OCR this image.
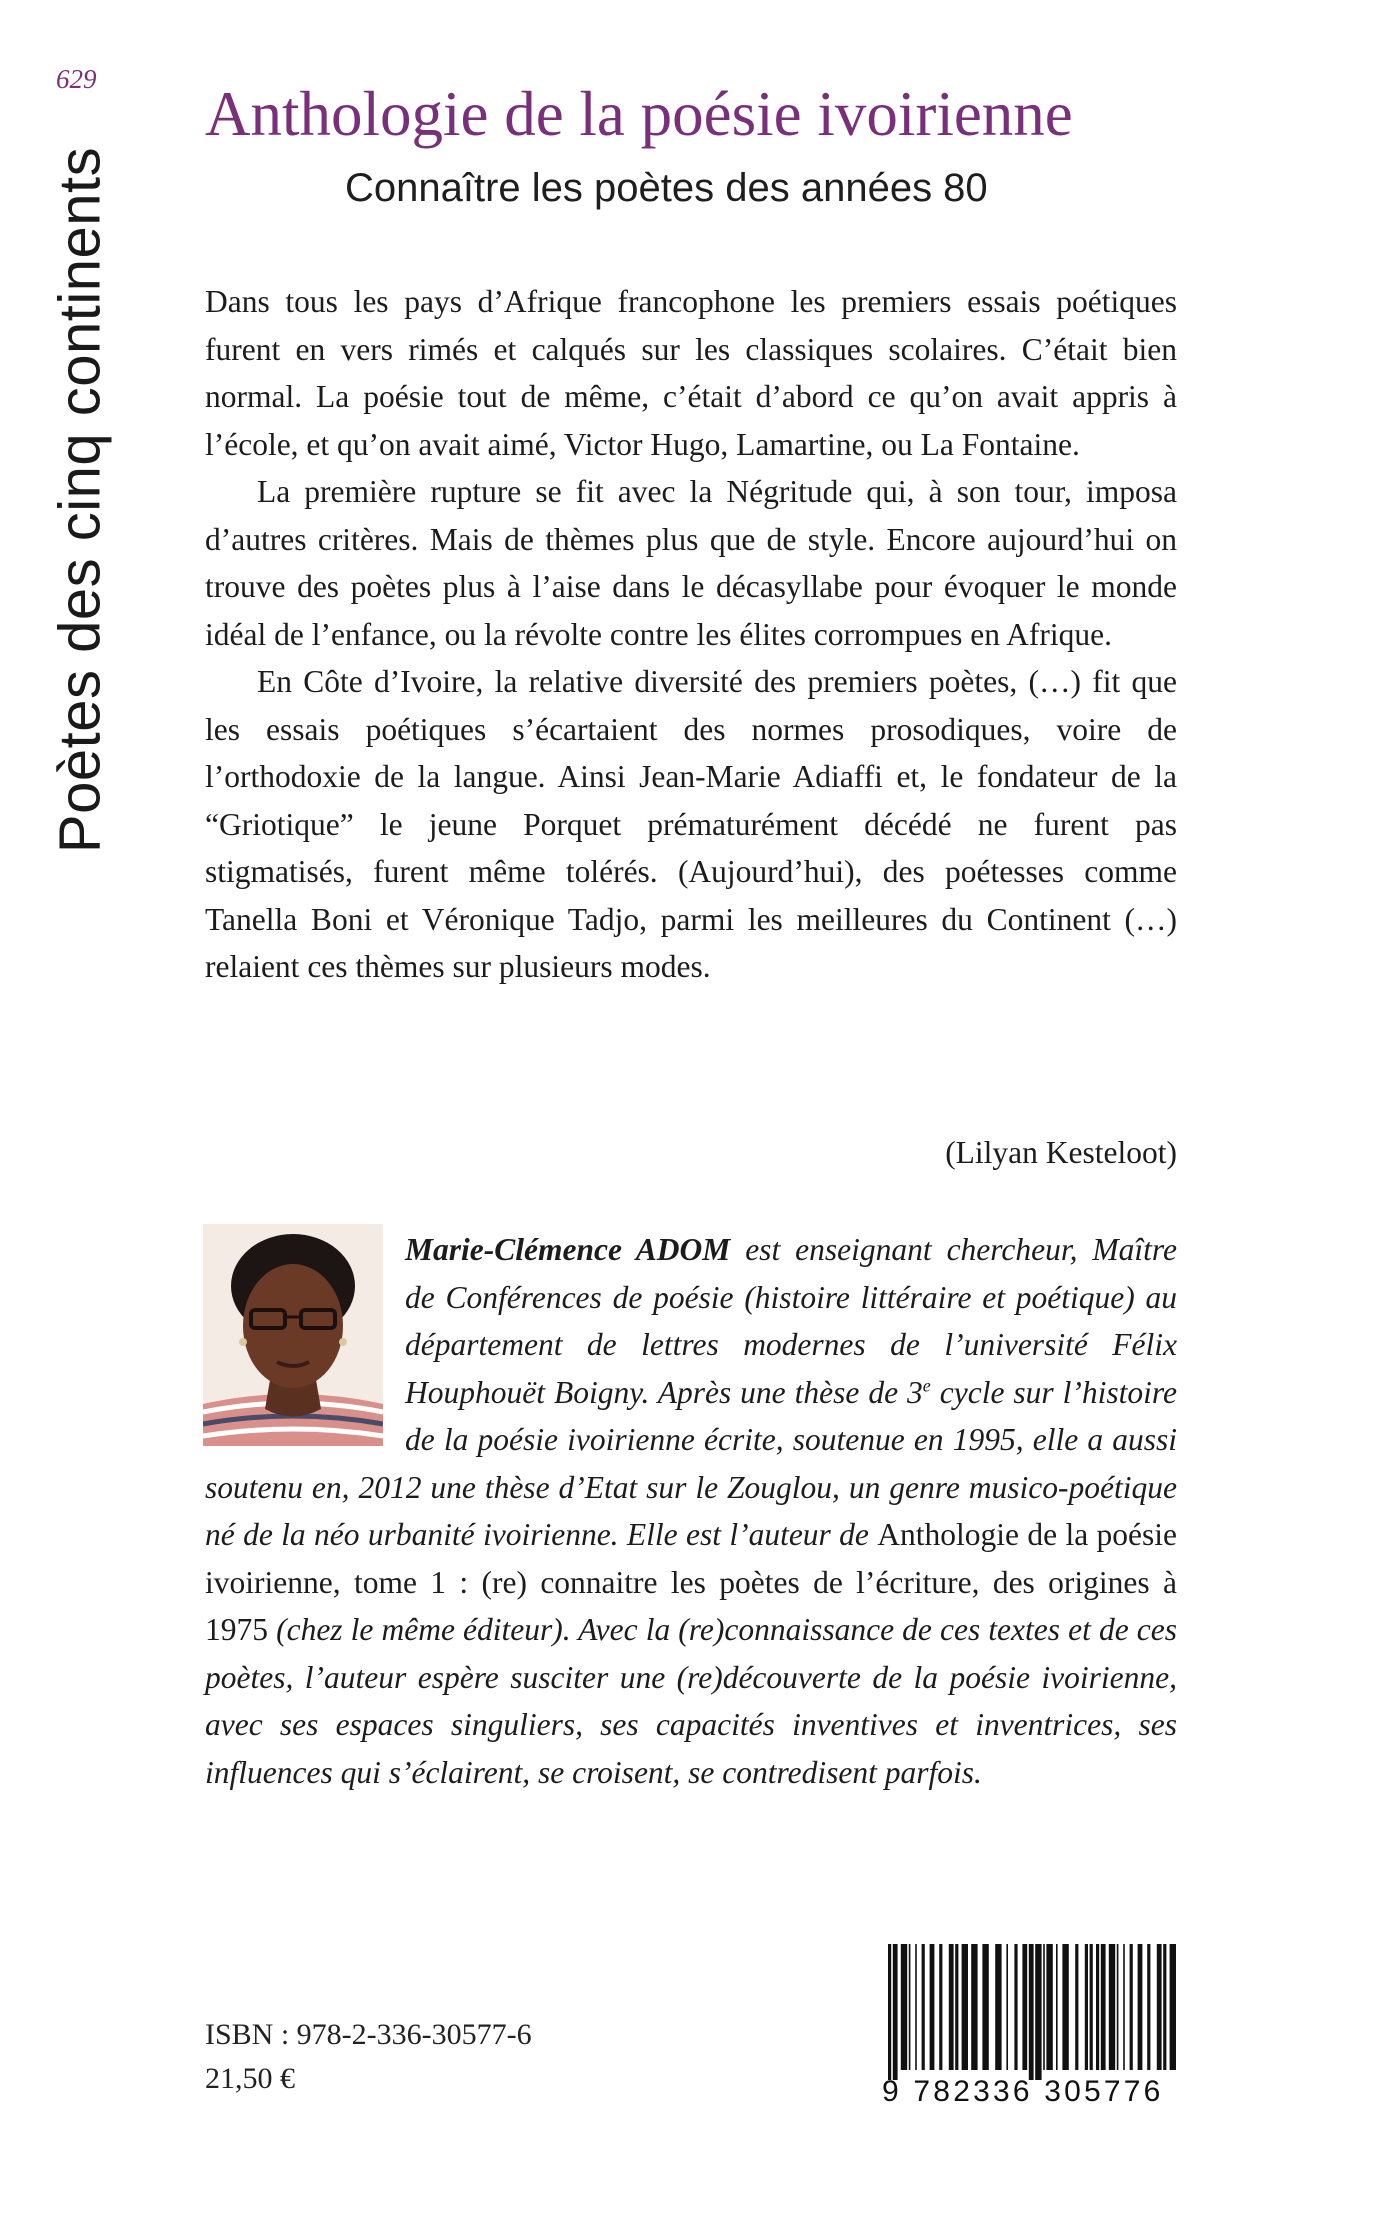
629
Poètes des cinq continents
Anthologie de la poésie ivoirienne
Connaître les poètes des années 80

Dans tous les pays d’Afrique francophone les premiers essais poétiques furent en vers rimés et calqués sur les classiques scolaires. C’était bien normal. La poésie tout de même, c’était d’abord ce qu’on avait appris à l’école, et qu’on avait aimé, Victor Hugo, Lamartine, ou La Fontaine.

La première rupture se fit avec la Négritude qui, à son tour, imposa d’autres critères. Mais de thèmes plus que de style. Encore aujourd’hui on trouve des poètes plus à l’aise dans le décasyllabe pour évoquer le monde idéal de l’enfance, ou la révolte contre les élites corrompues en Afrique.

En Côte d’Ivoire, la relative diversité des premiers poètes, (…) fit que les essais poétiques s’écartaient des normes prosodiques, voire de l’orthodoxie de la langue. Ainsi Jean-Marie Adiaffi et, le fondateur de la “Griotique” le jeune Porquet prématurément décédé ne furent pas stigmatisés, furent même tolérés. (Aujourd’hui), des poétesses comme Tanella Boni et Véronique Tadjo, parmi les meilleures du Continent (…) relaient ces thèmes sur plusieurs modes.

(Lilyan Kesteloot)
Marie-Clémence ADOM est enseignant chercheur, Maître de Conférences de poésie (histoire littéraire et poétique) au département de lettres modernes de l’université Félix Houphouët Boigny. Après une thèse de 3e cycle sur l’histoire de la poésie ivoirienne écrite, soutenue en 1995, elle a aussi soutenu en, 2012 une thèse d’Etat sur le Zouglou, un genre musico-poétique né de la néo urbanité ivoirienne. Elle est l’auteur de Anthologie de la poésie ivoirienne, tome 1 : (re) connaitre les poètes de l’écriture, des origines à 1975 (chez le même éditeur). Avec la (re)connaissance de ces textes et de ces poètes, l’auteur espère susciter une (re)découverte de la poésie ivoirienne, avec ses espaces singuliers, ses capacités inventives et inventrices, ses influences qui s’éclairent, se croisent, se contredisent parfois.
ISBN : 978-2-336-30577-6
21,50 €	9 782336 305776
